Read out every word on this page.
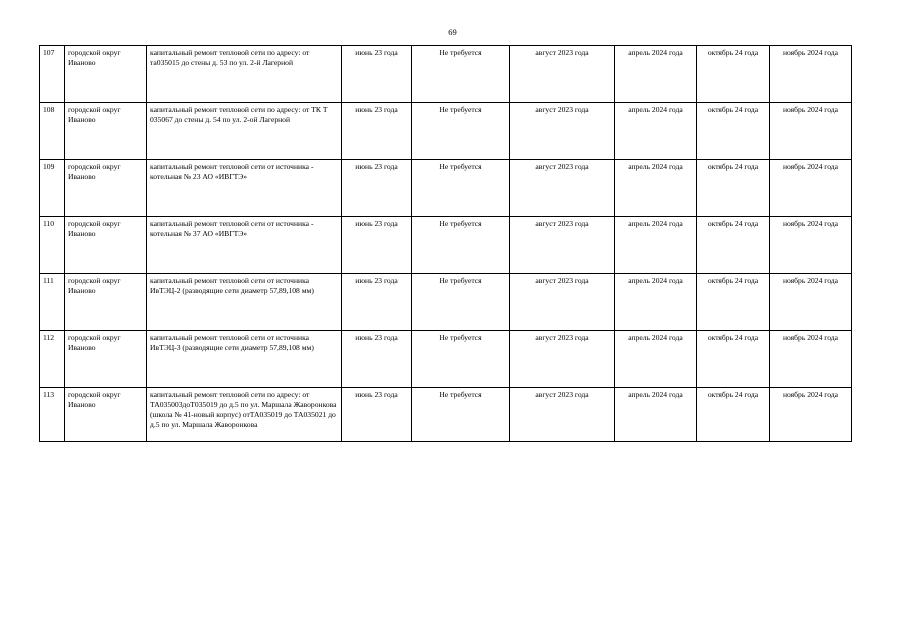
69
107	городской округ Иваново	капитальный ремонт тепловой сети по адресу: от та035015 до стены д. 53 по ул. 2-й Лагерной	июнь 23 года	Не требуется	август 2023 года	апрель 2024 года	октябрь 24 года	ноябрь 2024 года
108	городской округ Иваново	капитальный ремонт тепловой сети по адресу: от ТК Т 035067 до стены д. 54 по ул. 2-ой Лагерной	июнь 23 года	Не требуется	август 2023 года	апрель 2024 года	октябрь 24 года	ноябрь 2024 года
109	городской округ Иваново	капитальный ремонт тепловой сети от источника - котельная № 23 АО «ИВГТЭ»	июнь 23 года	Не требуется	август 2023 года	апрель 2024 года	октябрь 24 года	ноябрь 2024 года
110	городской округ Иваново	капитальный ремонт тепловой сети от источника - котельная № 37 АО «ИВГТЭ»	июнь 23 года	Не требуется	август 2023 года	апрель 2024 года	октябрь 24 года	ноябрь 2024 года
111	городской округ Иваново	капитальный ремонт тепловой сети от источника ИвТЭЦ-2 (разводящие сети диаметр 57,89,108 мм)	июнь 23 года	Не требуется	август 2023 года	апрель 2024 года	октябрь 24 года	ноябрь 2024 года
112	городской округ Иваново	капитальный ремонт тепловой сети от источника ИвТЭЦ-3 (разводящие сети диаметр 57,89,108 мм)	июнь 23 года	Не требуется	август 2023 года	апрель 2024 года	октябрь 24 года	ноябрь 2024 года
113	городской округ Иваново	капитальный ремонт тепловой сети по адресу: от ТА035003доТ035019 до д.5 по ул. Маршала Жаворонкова (школа № 41-новый корпус) отТА035019 до ТА035021 до д.5 по ул. Маршала Жаворонкова	июнь 23 года	Не требуется	август 2023 года	апрель 2024 года	октябрь 24 года	ноябрь 2024 года
